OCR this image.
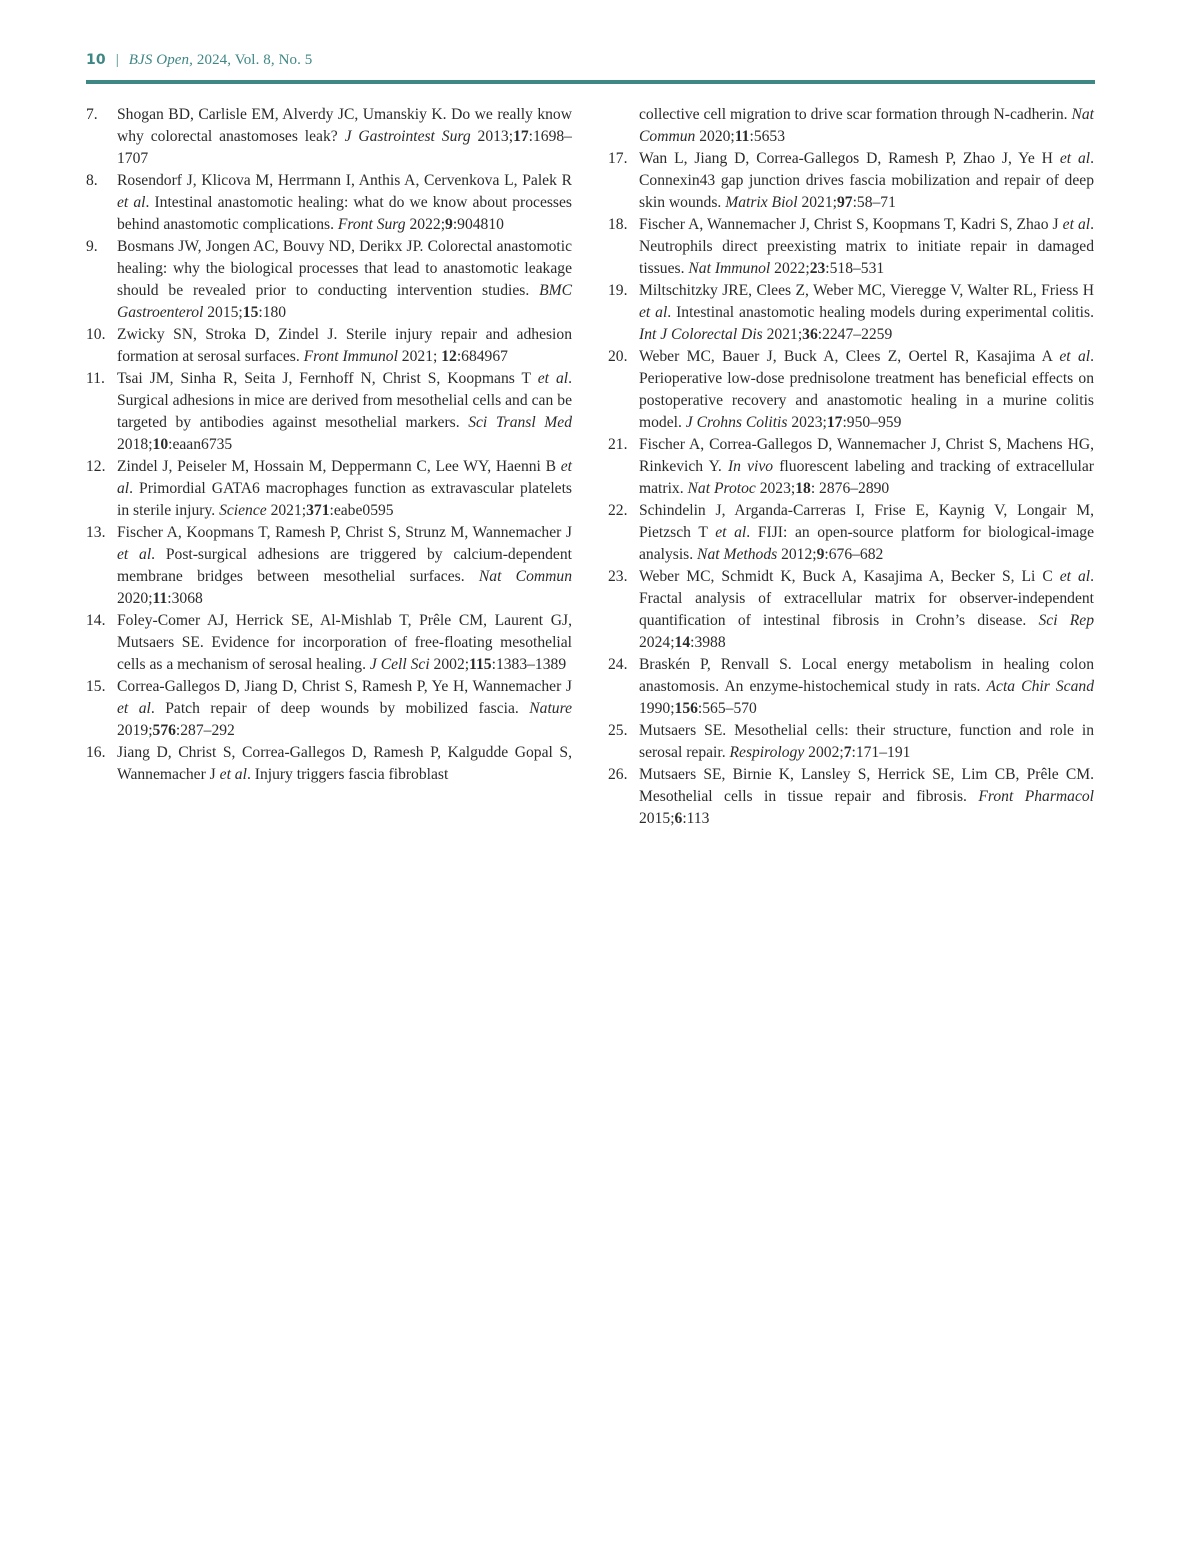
10 | BJS Open, 2024, Vol. 8, No. 5
7. Shogan BD, Carlisle EM, Alverdy JC, Umanskiy K. Do we really know why colorectal anastomoses leak? J Gastrointest Surg 2013;17:1698–1707
8. Rosendorf J, Klicova M, Herrmann I, Anthis A, Cervenkova L, Palek R et al. Intestinal anastomotic healing: what do we know about processes behind anastomotic complications. Front Surg 2022;9:904810
9. Bosmans JW, Jongen AC, Bouvy ND, Derikx JP. Colorectal anastomotic healing: why the biological processes that lead to anastomotic leakage should be revealed prior to conducting intervention studies. BMC Gastroenterol 2015;15:180
10. Zwicky SN, Stroka D, Zindel J. Sterile injury repair and adhesion formation at serosal surfaces. Front Immunol 2021; 12:684967
11. Tsai JM, Sinha R, Seita J, Fernhoff N, Christ S, Koopmans T et al. Surgical adhesions in mice are derived from mesothelial cells and can be targeted by antibodies against mesothelial markers. Sci Transl Med 2018;10:eaan6735
12. Zindel J, Peiseler M, Hossain M, Deppermann C, Lee WY, Haenni B et al. Primordial GATA6 macrophages function as extravascular platelets in sterile injury. Science 2021;371:eabe0595
13. Fischer A, Koopmans T, Ramesh P, Christ S, Strunz M, Wannemacher J et al. Post-surgical adhesions are triggered by calcium-dependent membrane bridges between mesothelial surfaces. Nat Commun 2020;11:3068
14. Foley-Comer AJ, Herrick SE, Al-Mishlab T, Prêle CM, Laurent GJ, Mutsaers SE. Evidence for incorporation of free-floating mesothelial cells as a mechanism of serosal healing. J Cell Sci 2002;115:1383–1389
15. Correa-Gallegos D, Jiang D, Christ S, Ramesh P, Ye H, Wannemacher J et al. Patch repair of deep wounds by mobilized fascia. Nature 2019;576:287–292
16. Jiang D, Christ S, Correa-Gallegos D, Ramesh P, Kalgudde Gopal S, Wannemacher J et al. Injury triggers fascia fibroblast
collective cell migration to drive scar formation through N-cadherin. Nat Commun 2020;11:5653
17. Wan L, Jiang D, Correa-Gallegos D, Ramesh P, Zhao J, Ye H et al. Connexin43 gap junction drives fascia mobilization and repair of deep skin wounds. Matrix Biol 2021;97:58–71
18. Fischer A, Wannemacher J, Christ S, Koopmans T, Kadri S, Zhao J et al. Neutrophils direct preexisting matrix to initiate repair in damaged tissues. Nat Immunol 2022;23:518–531
19. Miltschitzky JRE, Clees Z, Weber MC, Vieregge V, Walter RL, Friess H et al. Intestinal anastomotic healing models during experimental colitis. Int J Colorectal Dis 2021;36:2247–2259
20. Weber MC, Bauer J, Buck A, Clees Z, Oertel R, Kasajima A et al. Perioperative low-dose prednisolone treatment has beneficial effects on postoperative recovery and anastomotic healing in a murine colitis model. J Crohns Colitis 2023;17:950–959
21. Fischer A, Correa-Gallegos D, Wannemacher J, Christ S, Machens HG, Rinkevich Y. In vivo fluorescent labeling and tracking of extracellular matrix. Nat Protoc 2023;18: 2876–2890
22. Schindelin J, Arganda-Carreras I, Frise E, Kaynig V, Longair M, Pietzsch T et al. FIJI: an open-source platform for biological-image analysis. Nat Methods 2012;9:676–682
23. Weber MC, Schmidt K, Buck A, Kasajima A, Becker S, Li C et al. Fractal analysis of extracellular matrix for observer-independent quantification of intestinal fibrosis in Crohn’s disease. Sci Rep 2024;14:3988
24. Braskén P, Renvall S. Local energy metabolism in healing colon anastomosis. An enzyme-histochemical study in rats. Acta Chir Scand 1990;156:565–570
25. Mutsaers SE. Mesothelial cells: their structure, function and role in serosal repair. Respirology 2002;7:171–191
26. Mutsaers SE, Birnie K, Lansley S, Herrick SE, Lim CB, Prêle CM. Mesothelial cells in tissue repair and fibrosis. Front Pharmacol 2015;6:113
